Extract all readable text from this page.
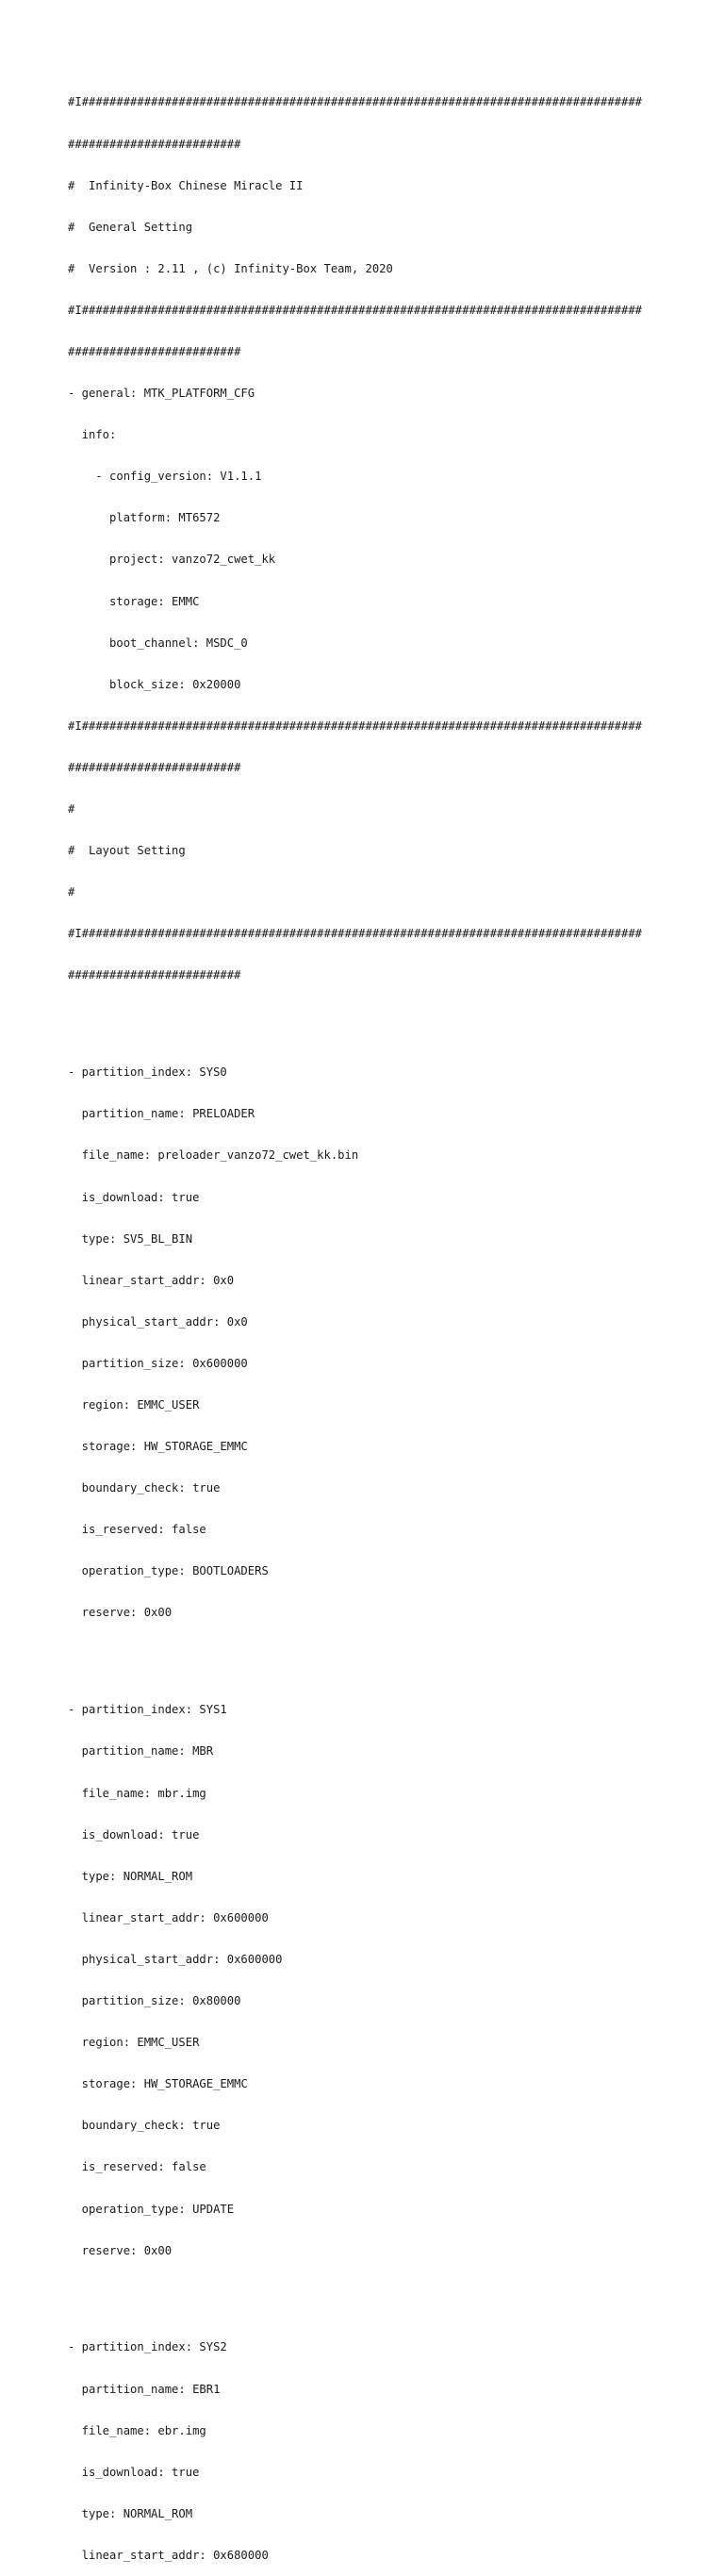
#I#################################################################################

#########################

#  Infinity-Box Chinese Miracle II

#  General Setting

#  Version : 2.11 , (c) Infinity-Box Team, 2020

#I#################################################################################

#########################

- general: MTK_PLATFORM_CFG

info:

- config_version: V1.1.1

platform: MT6572

project: vanzo72_cwet_kk

storage: EMMC

boot_channel: MSDC_0

block_size: 0x20000

#I#################################################################################

#########################

#

#  Layout Setting

#

#I#################################################################################

#########################

- partition_index: SYS0

partition_name: PRELOADER

file_name: preloader_vanzo72_cwet_kk.bin

is_download: true

type: SV5_BL_BIN

linear_start_addr: 0x0

physical_start_addr: 0x0

partition_size: 0x600000

region: EMMC_USER

storage: HW_STORAGE_EMMC

boundary_check: true

is_reserved: false

operation_type: BOOTLOADERS

reserve: 0x00

- partition_index: SYS1

partition_name: MBR

file_name: mbr.img

is_download: true

type: NORMAL_ROM

linear_start_addr: 0x600000

physical_start_addr: 0x600000

partition_size: 0x80000

region: EMMC_USER

storage: HW_STORAGE_EMMC

boundary_check: true

is_reserved: false

operation_type: UPDATE

reserve: 0x00

- partition_index: SYS2

partition_name: EBR1

file_name: ebr.img

is_download: true

type: NORMAL_ROM

linear_start_addr: 0x680000
